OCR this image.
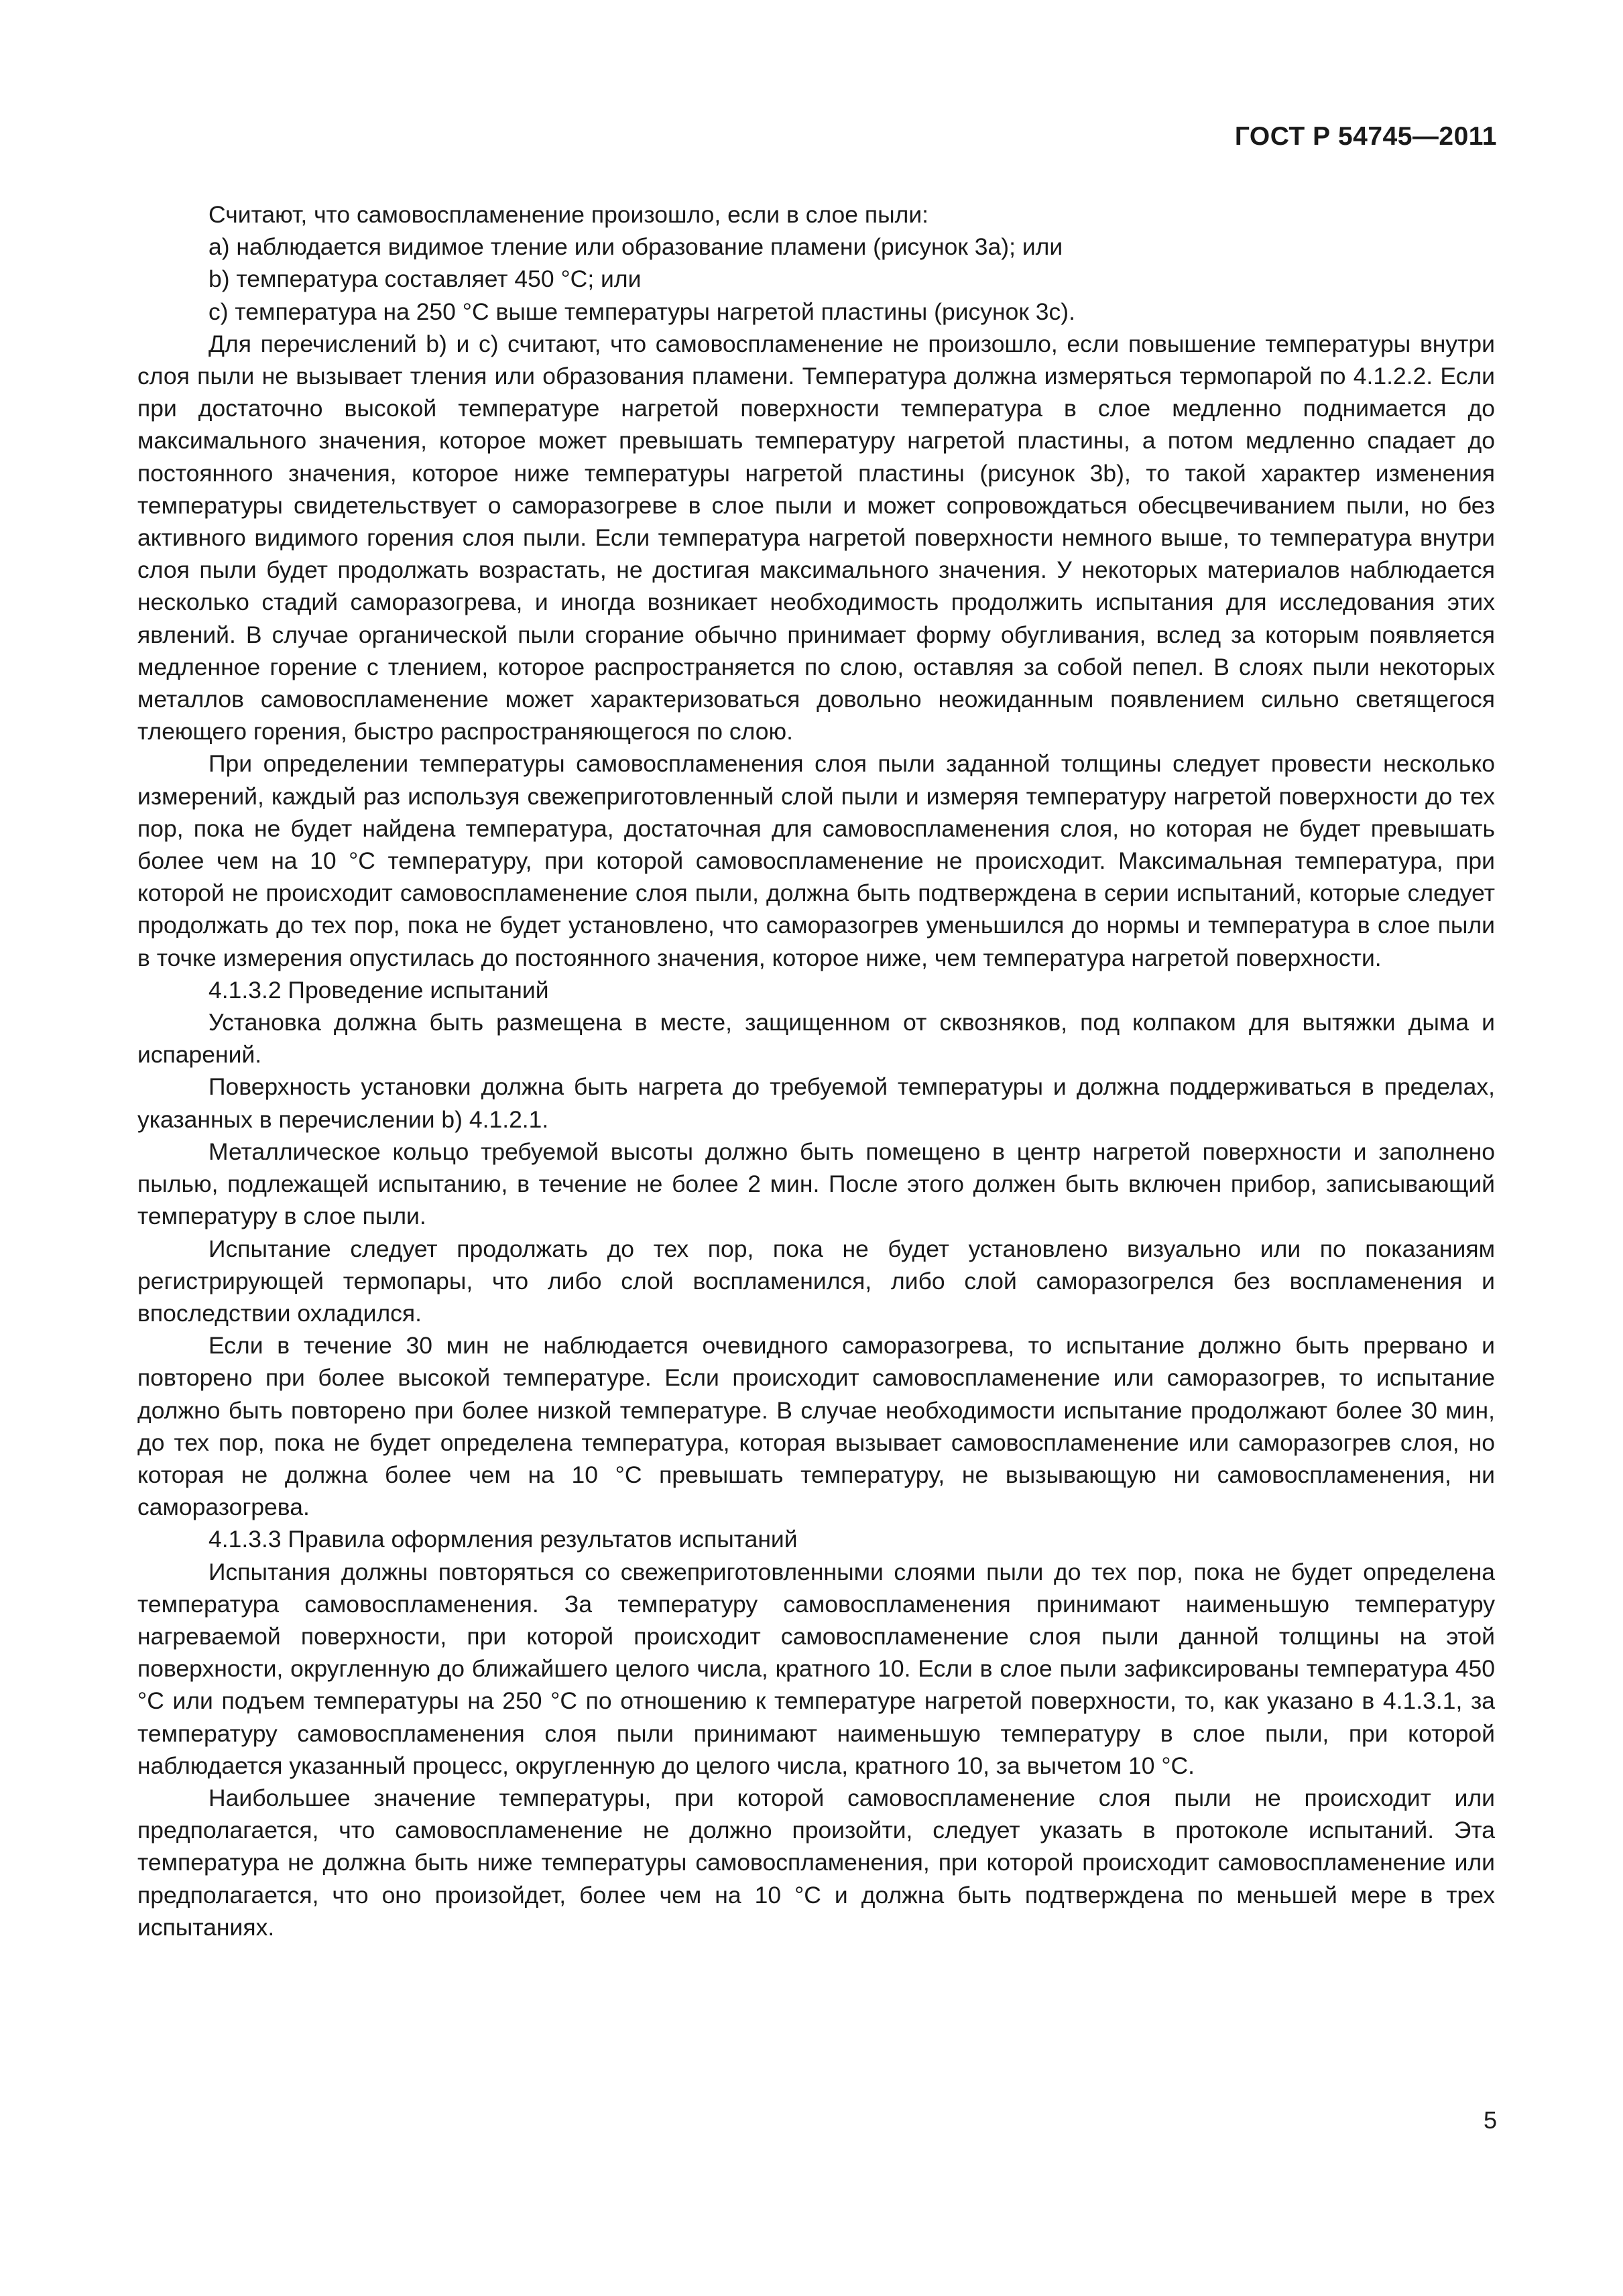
ГОСТ Р 54745—2011

Считают, что самовоспламенение произошло, если в слое пыли:

a) наблюдается видимое тление или образование пламени (рисунок 3a); или

b) температура составляет 450 °С; или

c) температура на 250 °С выше температуры нагретой пластины (рисунок 3c).

Для перечислений b) и c) считают, что самовоспламенение не произошло, если повышение температуры внутри слоя пыли не вызывает тления или образования пламени. Температура должна измеряться термопарой по 4.1.2.2. Если при достаточно высокой температуре нагретой поверхности температура в слое медленно поднимается до максимального значения, которое может превышать температуру нагретой пластины, а потом медленно спадает до постоянного значения, которое ниже температуры нагретой пластины (рисунок 3b), то такой характер изменения температуры свидетельствует о саморазогреве в слое пыли и может сопровождаться обесцвечиванием пыли, но без активного видимого горения слоя пыли. Если температура нагретой поверхности немного выше, то температура внутри слоя пыли будет продолжать возрастать, не достигая максимального значения. У некоторых материалов наблюдается несколько стадий саморазогрева, и иногда возникает необходимость продолжить испытания для исследования этих явлений. В случае органической пыли сгорание обычно принимает форму обугливания, вслед за которым появляется медленное горение с тлением, которое распространяется по слою, оставляя за собой пепел. В слоях пыли некоторых металлов самовоспламенение может характеризоваться довольно неожиданным появлением сильно светящегося тлеющего горения, быстро распространяющегося по слою.

При определении температуры самовоспламенения слоя пыли заданной толщины следует провести несколько измерений, каждый раз используя свежеприготовленный слой пыли и измеряя температуру нагретой поверхности до тех пор, пока не будет найдена температура, достаточная для самовоспламенения слоя, но которая не будет превышать более чем на 10 °С температуру, при которой самовоспламенение не происходит. Максимальная температура, при которой не происходит самовоспламенение слоя пыли, должна быть подтверждена в серии испытаний, которые следует продолжать до тех пор, пока не будет установлено, что саморазогрев уменьшился до нормы и температура в слое пыли в точке измерения опустилась до постоянного значения, которое ниже, чем температура нагретой поверхности.

4.1.3.2 Проведение испытаний

Установка должна быть размещена в месте, защищенном от сквозняков, под колпаком для вытяжки дыма и испарений.

Поверхность установки должна быть нагрета до требуемой температуры и должна поддерживаться в пределах, указанных в перечислении b) 4.1.2.1.

Металлическое кольцо требуемой высоты должно быть помещено в центр нагретой поверхности и заполнено пылью, подлежащей испытанию, в течение не более 2 мин. После этого должен быть включен прибор, записывающий температуру в слое пыли.

Испытание следует продолжать до тех пор, пока не будет установлено визуально или по показаниям регистрирующей термопары, что либо слой воспламенился, либо слой саморазогрелся без воспламенения и впоследствии охладился.

Если в течение 30 мин не наблюдается очевидного саморазогрева, то испытание должно быть прервано и повторено при более высокой температуре. Если происходит самовоспламенение или саморазогрев, то испытание должно быть повторено при более низкой температуре. В случае необходимости испытание продолжают более 30 мин, до тех пор, пока не будет определена температура, которая вызывает самовоспламенение или саморазогрев слоя, но которая не должна более чем на 10 °С превышать температуру, не вызывающую ни самовоспламенения, ни саморазогрева.

4.1.3.3 Правила оформления результатов испытаний

Испытания должны повторяться со свежеприготовленными слоями пыли до тех пор, пока не будет определена температура самовоспламенения. За температуру самовоспламенения принимают наименьшую температуру нагреваемой поверхности, при которой происходит самовоспламенение слоя пыли данной толщины на этой поверхности, округленную до ближайшего целого числа, кратного 10. Если в слое пыли зафиксированы температура 450 °С или подъем температуры на 250 °С по отношению к температуре нагретой поверхности, то, как указано в 4.1.3.1, за температуру самовоспламенения слоя пыли принимают наименьшую температуру в слое пыли, при которой наблюдается указанный процесс, округленную до целого числа, кратного 10, за вычетом 10 °С.

Наибольшее значение температуры, при которой самовоспламенение слоя пыли не происходит или предполагается, что самовоспламенение не должно произойти, следует указать в протоколе испытаний. Эта температура не должна быть ниже температуры самовоспламенения, при которой происходит самовоспламенение или предполагается, что оно произойдет, более чем на 10 °С и должна быть подтверждена по меньшей мере в трех испытаниях.

5
